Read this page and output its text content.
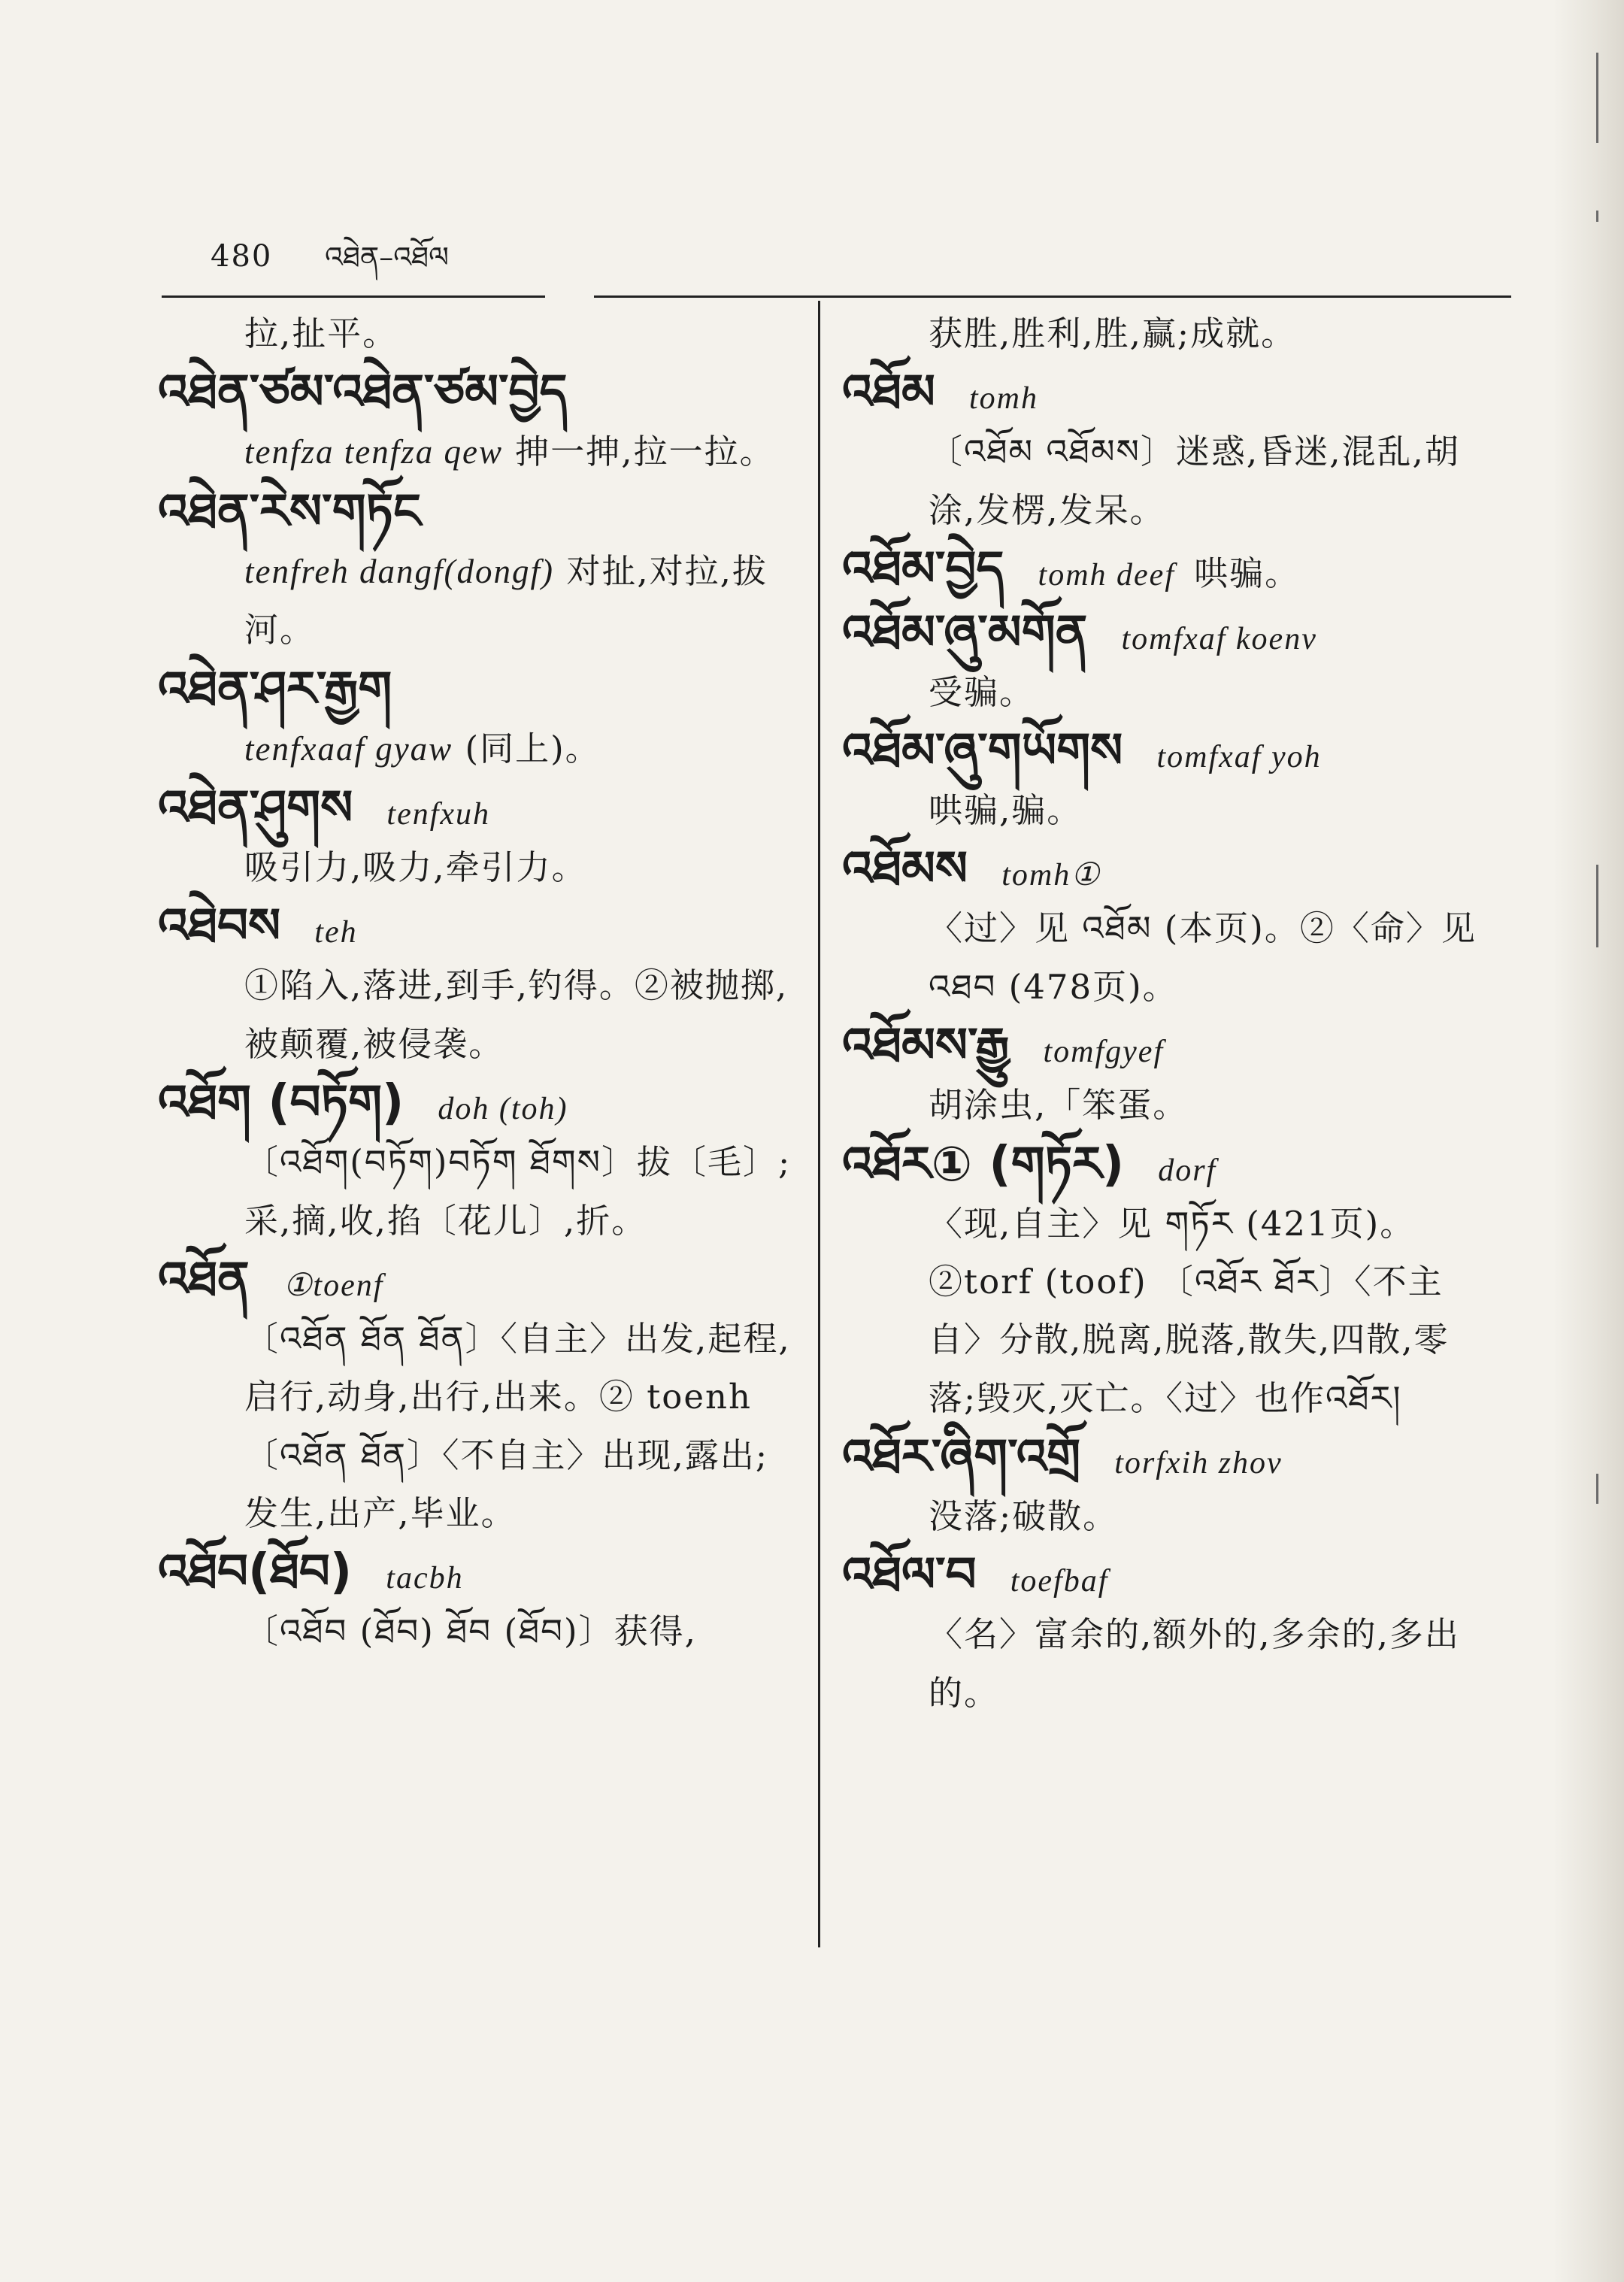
480 འཐེན–འཐོལ
拉,扯平。
འཐེན་ཙམ་འཐེན་ཙམ་བྱེད
tenfza tenfza qew 抻一抻,拉一拉。
འཐེན་རེས་གཏོང
tenfreh dangf(dongf) 对扯,对拉,拔河。
འཐེན་ཤར་རྒྱག
tenfxaaf gyaw (同上)。
འཐེན་ཤུགས tenfxuh
吸引力,吸力,牵引力。
འཐེབས teh
①陷入,落进,到手,钓得。②被抛掷,被颠覆,被侵袭。
འཐོག (བཏོག) doh (toh)
〔འཐོག(བཏོག)བཏོག ཐོགས〕拔〔毛〕;采,摘,收,掐〔花儿〕,折。
འཐོན ①toenf
〔འཐོན ཐོན ཐོན〕〈自主〉出发,起程,启行,动身,出行,出来。② toenh 〔འཐོན ཐོན〕〈不自主〉出现,露出;发生,出产,毕业。
འཐོབ(ཐོབ) tacbh
〔འཐོབ (ཐོབ) ཐོབ (ཐོབ)〕获得,
获胜,胜利,胜,赢;成就。
འཐོམ tomh
〔འཐོམ འཐོམས〕迷惑,昏迷,混乱,胡涂,发楞,发呆。
འཐོམ་བྱེད tomh deef 哄骗。
འཐོམ་ཞུ་མགོན tomfxaf koenv
受骗。
འཐོམ་ཞུ་གཡོགས tomfxaf yoh
哄骗,骗。
འཐོམས tomh①
〈过〉见 འཐོམ (本页)。②〈命〉见 འཐབ (478页)。
འཐོམས་རྒྱུ tomfgyef
胡涂虫,「笨蛋。
འཐོར① (གཏོར) dorf
〈现,自主〉见 གཏོར (421页)。②torf (toof) 〔འཐོར ཐོར〕〈不主自〉分散,脱离,脱落,散失,四散,零落;毁灭,灭亡。〈过〉也作འཐོར།
འཐོར་ཞིག་འགྲོ torfxih zhov
没落;破散。
འཐོལ་བ toefbaf
〈名〉富余的,额外的,多余的,多出的。
